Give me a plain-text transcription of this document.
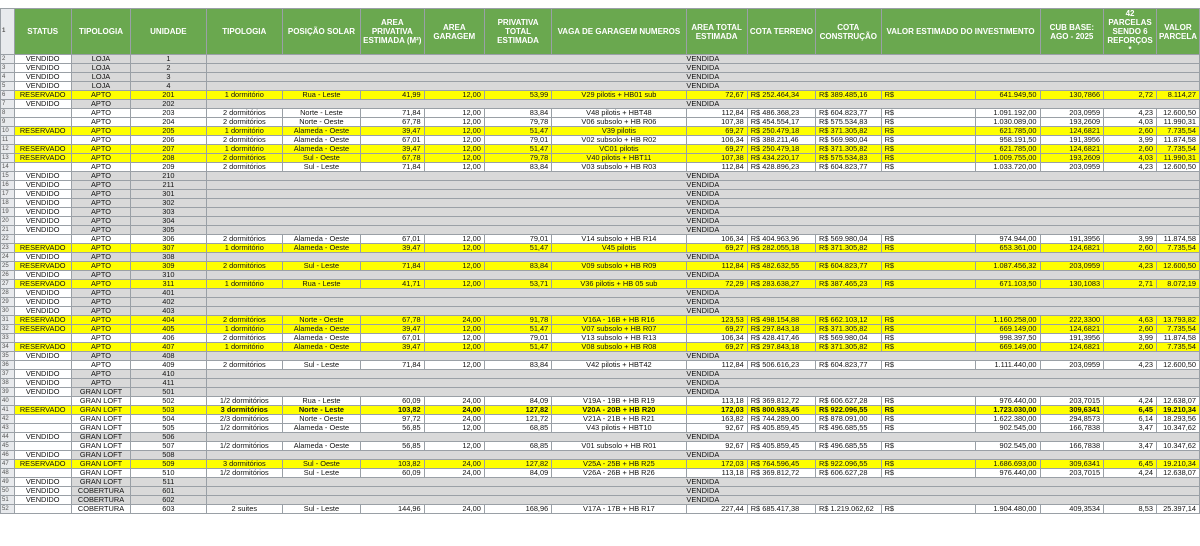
1	STATUS	TIPOLOGIA	UNIDADE	TIPOLOGIA	POSIÇÃO SOLAR	AREA PRIVATIVA ESTIMADA (M²)	AREA GARAGEM	PRIVATIVA TOTAL ESTIMADA	VAGA DE GARAGEM NUMEROS	AREA TOTAL ESTIMADA	COTA TERRENO	COTA CONSTRUÇÃO	VALOR ESTIMADO DO INVESTIMENTO		CUB BASE: AGO - 2025	42 PARCELAS SENDO 6 REFORÇOS *	VALOR PARCELA
2	VENDIDO	LOJA	1	VENDIDA													
3	VENDIDO	LOJA	2	VENDIDA													
4	VENDIDO	LOJA	3	VENDIDA													
5	VENDIDO	LOJA	4	VENDIDA													
6	RESERVADO	APTO	201	1 dormitório	Rua - Leste	41,99	12,00	53,99	V29 pilotis + HB01 sub	72,67	R$ 252.464,34	R$ 389.485,16	R$	641.949,50	130,7866	2,72	8.114,27
7	VENDIDO	APTO	202	VENDIDA													
8		APTO	203	2 dormitórios	Norte - Leste	71,84	12,00	83,84	V48 pilotis + HBT48	112,84	R$ 486.368,23	R$ 604.823,77	R$	1.091.192,00	203,0959	4,23	12.600,50
9		APTO	204	2 dormitórios	Norte - Oeste	67,78	12,00	79,78	V06 subsolo + HB R06	107,38	R$ 454.554,17	R$ 575.534,83	R$	1.030.089,00	193,2609	4,03	11.990,31
10	RESERVADO	APTO	205	1 dormitório	Alameda - Oeste	39,47	12,00	51,47	V39 pilotis	69,27	R$ 250.479,18	R$ 371.305,82	R$	621.785,00	124,6821	2,60	7.735,54
11		APTO	206	2 dormitórios	Alameda - Oeste	67,01	12,00	79,01	V02 subsolo + HB R02	106,34	R$ 388.211,46	R$ 569.980,04	R$	958.191,50	191,3956	3,99	11.874,58
12	RESERVADO	APTO	207	1 dormitório	Alameda - Oeste	39,47	12,00	51,47	VC01 pilotis	69,27	R$ 250.479,18	R$ 371.305,82	R$	621.785,00	124,6821	2,60	7.735,54
13	RESERVADO	APTO	208	2 dormitórios	Sul - Oeste	67,78	12,00	79,78	V40 pilotis + HBT11	107,38	R$ 434.220,17	R$ 575.534,83	R$	1.009.755,00	193,2609	4,03	11.990,31
14		APTO	209	2 dormitórios	Sul - Leste	71,84	12,00	83,84	V03 subsolo + HB R03	112,84	R$ 428.896,23	R$ 604.823,77	R$	1.033.720,00	203,0959	4,23	12.600,50
15	VENDIDO	APTO	210	VENDIDA													
16	VENDIDO	APTO	211	VENDIDA													
17	VENDIDO	APTO	301	VENDIDA													
18	VENDIDO	APTO	302	VENDIDA													
19	VENDIDO	APTO	303	VENDIDA													
20	VENDIDO	APTO	304	VENDIDA													
21	VENDIDO	APTO	305	VENDIDA													
22		APTO	306	2 dormitórios	Alameda - Oeste	67,01	12,00	79,01	V14 subsolo + HB R14	106,34	R$ 404.963,96	R$ 569.980,04	R$	974.944,00	191,3956	3,99	11.874,58
23	RESERVADO	APTO	307	1 dormitório	Alameda - Oeste	39,47	12,00	51,47	V45 pilotis	69,27	R$ 282.055,18	R$ 371.305,82	R$	653.361,00	124,6821	2,60	7.735,54
24	VENDIDO	APTO	308	VENDIDA													
25	RESERVADO	APTO	309	2 dormitórios	Sul - Leste	71,84	12,00	83,84	V09 subsolo + HB R09	112,84	R$ 482.632,55	R$ 604.823,77	R$	1.087.456,32	203,0959	4,23	12.600,50
26	VENDIDO	APTO	310	VENDIDA													
27	RESERVADO	APTO	311	1 dormitório	Rua - Leste	41,71	12,00	53,71	V36 pilotis + HB 05 sub	72,29	R$ 283.638,27	R$ 387.465,23	R$	671.103,50	130,1083	2,71	8.072,19
28	VENDIDO	APTO	401	VENDIDA													
29	VENDIDO	APTO	402	VENDIDA													
30	VENDIDO	APTO	403	VENDIDA													
31	RESERVADO	APTO	404	2 dormitórios	Norte - Oeste	67,78	24,00	91,78	V16A - 16B + HB R16	123,53	R$ 498.154,88	R$ 662.103,12	R$	1.160.258,00	222,3300	4,63	13.793,82
32	RESERVADO	APTO	405	1 dormitório	Alameda - Oeste	39,47	12,00	51,47	V07 subsolo + HB R07	69,27	R$ 297.843,18	R$ 371.305,82	R$	669.149,00	124,6821	2,60	7.735,54
33		APTO	406	2 dormitórios	Alameda - Oeste	67,01	12,00	79,01	V13 subsolo + HB R13	106,34	R$ 428.417,46	R$ 569.980,04	R$	998.397,50	191,3956	3,99	11.874,58
34	RESERVADO	APTO	407	1 dormitório	Alameda - Oeste	39,47	12,00	51,47	V08 subsolo + HB R08	69,27	R$ 297.843,18	R$ 371.305,82	R$	669.149,00	124,6821	2,60	7.735,54
35	VENDIDO	APTO	408	VENDIDA													
36		APTO	409	2 dormitórios	Sul - Leste	71,84	12,00	83,84	V42 pilotis + HBT42	112,84	R$ 506.616,23	R$ 604.823,77	R$	1.111.440,00	203,0959	4,23	12.600,50
37	VENDIDO	APTO	410	VENDIDA													
38	VENDIDO	APTO	411	VENDIDA													
39	VENDIDO	GRAN LOFT	501	VENDIDA													
40		GRAN LOFT	502	1/2 dormitórios	Rua - Leste	60,09	24,00	84,09	V19A - 19B + HB R19	113,18	R$ 369.812,72	R$ 606.627,28	R$	976.440,00	203,7015	4,24	12.638,07
41	RESERVADO	GRAN LOFT	503	3 dormitórios	Norte - Leste	103,82	24,00	127,82	V20A - 20B + HB R20	172,03	R$ 800.933,45	R$ 922.096,55	R$	1.723.030,00	309,6341	6,45	19.210,34
42		GRAN LOFT	504	2/3 dormitórios	Norte - Oeste	97,72	24,00	121,72	V21A - 21B + HB R21	163,82	R$ 744.289,00	R$ 878.091,00	R$	1.622.380,00	294,8573	6,14	18.293,56
43		GRAN LOFT	505	1/2 dormitórios	Alameda - Oeste	56,85	12,00	68,85	V43 pilotis + HBT10	92,67	R$ 405.859,45	R$ 496.685,55	R$	902.545,00	166,7838	3,47	10.347,62
44	VENDIDO	GRAN LOFT	506	VENDIDA													
45		GRAN LOFT	507	1/2 dormitórios	Alameda - Oeste	56,85	12,00	68,85	V01 subsolo + HB R01	92,67	R$ 405.859,45	R$ 496.685,55	R$	902.545,00	166,7838	3,47	10.347,62
46	VENDIDO	GRAN LOFT	508	VENDIDA													
47	RESERVADO	GRAN LOFT	509	3 dormitórios	Sul - Oeste	103,82	24,00	127,82	V25A - 25B + HB R25	172,03	R$ 764.596,45	R$ 922.096,55	R$	1.686.693,00	309,6341	6,45	19.210,34
48		GRAN LOFT	510	1/2 dormitórios	Sul - Leste	60,09	24,00	84,09	V26A - 26B + HB R26	113,18	R$ 369.812,72	R$ 606.627,28	R$	976.440,00	203,7015	4,24	12.638,07
49	VENDIDO	GRAN LOFT	511	VENDIDA													
50	VENDIDO	COBERTURA	601	VENDIDA													
51	VENDIDO	COBERTURA	602	VENDIDA													
52		COBERTURA	603	2 suites	Sul - Leste	144,96	24,00	168,96	V17A - 17B + HB R17	227,44	R$ 685.417,38	R$ 1.219.062,62	R$	1.904.480,00	409,3534	8,53	25.397,14
